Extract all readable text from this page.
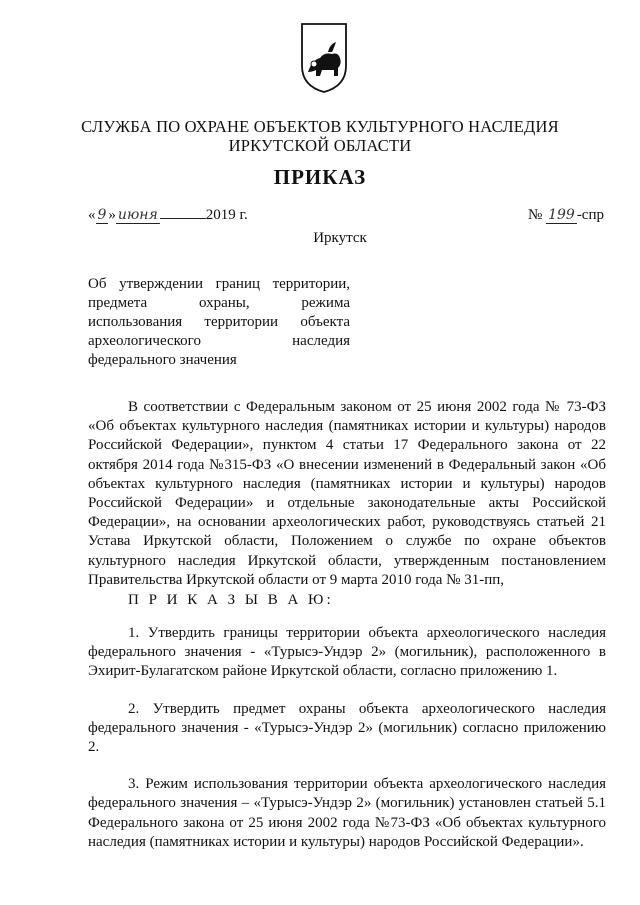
СЛУЖБА ПО ОХРАНЕ ОБЪЕКТОВ КУЛЬТУРНОГО НАСЛЕДИЯ
ИРКУТСКОЙ ОБЛАСТИ
ПРИКАЗ
« 9 » июня	2019 г.	№ 199 -спр
Иркутск
Об утверждении границ территории,
предмета охраны, режима
использования территории объекта
археологического наследия
федерального значения

В соответствии с Федеральным законом от 25 июня 2002 года № 73-ФЗ «Об объектах культурного наследия (памятниках истории и культуры) народов Российской Федерации», пунктом 4 статьи 17 Федерального закона от 22 октября 2014 года №315-ФЗ «О внесении изменений в Федеральный закон «Об объектах культурного наследия (памятниках истории и культуры) народов Российской Федерации» и отдельные законодательные акты Российской Федерации», на основании археологических работ, руководствуясь статьей 21 Устава Иркутской области, Положением о службе по охране объектов культурного наследия Иркутской области, утвержденным постановлением Правительства Иркутской области от 9 марта 2010 года № 31-пп,

П Р И К А З Ы В А Ю:

1. Утвердить границы территории объекта археологического наследия федерального значения - «Турысэ-Ундэр 2» (могильник), расположенного в Эхирит-Булагатском районе Иркутской области, согласно приложению 1.

2. Утвердить предмет охраны объекта археологического наследия федерального значения - «Турысэ-Ундэр 2» (могильник) согласно приложению 2.

3. Режим использования территории объекта археологического наследия федерального значения – «Турысэ-Ундэр 2» (могильник) установлен статьей 5.1 Федерального закона от 25 июня 2002 года №73-ФЗ «Об объектах культурного наследия (памятниках истории и культуры) народов Российской Федерации».
